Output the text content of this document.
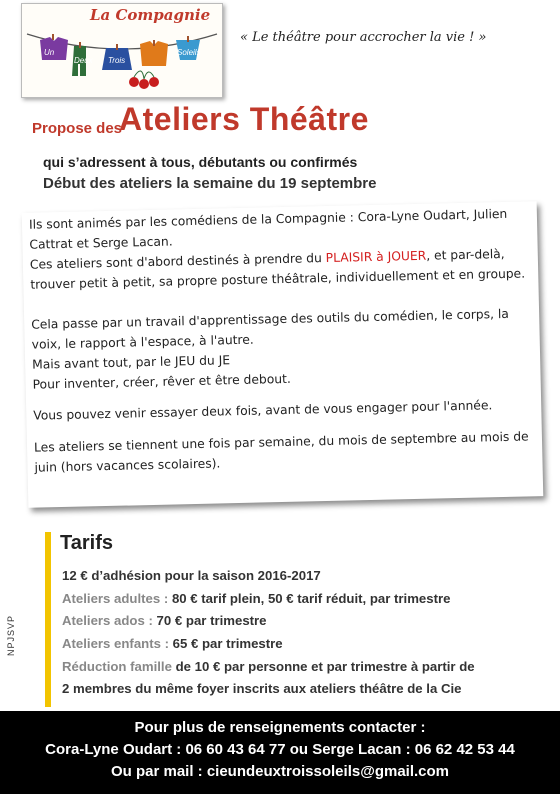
La Compagnie
Un
Deux Trois
Soleils
« Le théâtre pour accrocher la vie ! »
Propose des
Ateliers Théâtre
qui s’adressent à tous, débutants ou confirmés
Début des ateliers la semaine du 19 septembre

Ils sont animés par les comédiens de la Compagnie : Cora-Lyne Oudart, Julien Cattrat et Serge Lacan.

Ces ateliers sont d'abord destinés à prendre du PLAISIR à JOUER, et par-delà, trouver petit à petit, sa propre posture théâtrale, individuellement et en groupe.

Cela passe par un travail d'apprentissage des outils du comédien, le corps, la voix, le rapport à l'espace, à l'autre.

Mais avant tout, par le JEU du JE

Pour inventer, créer, rêver et être debout.

Vous pouvez venir essayer deux fois, avant de vous engager pour l'année.

Les ateliers se tiennent une fois par semaine, du mois de septembre au mois de juin (hors vacances scolaires).

Tarifs
12 € d’adhésion pour la saison 2016-2017
Ateliers adultes : 80 € tarif plein, 50 € tarif réduit, par trimestre
Ateliers ados : 70 € par trimestre
Ateliers enfants : 65 € par trimestre
Réduction famille de 10 € par personne et par trimestre à partir de
2 membres du même foyer inscrits aux ateliers théâtre de la Cie
NPJSVP
Pour plus de renseignements contacter :
Cora-Lyne Oudart : 06 60 43 64 77 ou Serge Lacan : 06 62 42 53 44
Ou par mail : cieundeuxtroissoleils@gmail.com
